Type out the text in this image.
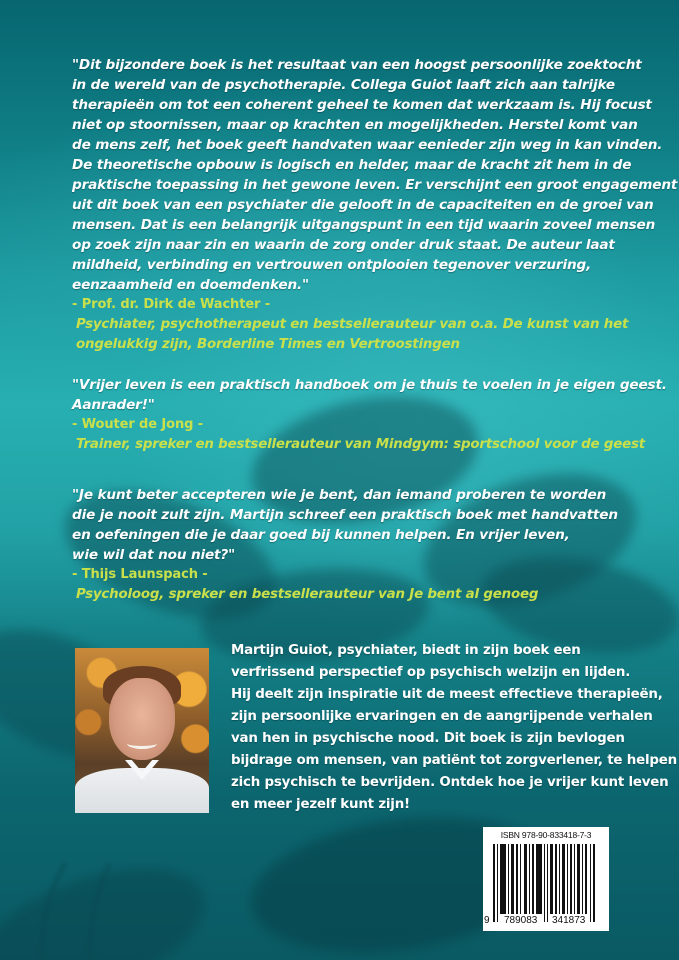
"Dit bijzondere boek is het resultaat van een hoogst persoonlijke zoektocht
in de wereld van de psychotherapie. Collega Guiot laaft zich aan talrijke
therapieën om tot een coherent geheel te komen dat werkzaam is. Hij focust
niet op stoornissen, maar op krachten en mogelijkheden. Herstel komt van
de mens zelf, het boek geeft handvaten waar eenieder zijn weg in kan vinden.
De theoretische opbouw is logisch en helder, maar de kracht zit hem in de
praktische toepassing in het gewone leven. Er verschijnt een groot engagement
uit dit boek van een psychiater die gelooft in de capaciteiten en de groei van
mensen. Dat is een belangrijk uitgangspunt in een tijd waarin zoveel mensen
op zoek zijn naar zin en waarin de zorg onder druk staat. De auteur laat
mildheid, verbinding en vertrouwen ontplooien tegenover verzuring,
eenzaamheid en doemdenken."
- Prof. dr. Dirk de Wachter -
Psychiater, psychotherapeut en bestsellerauteur van o.a. De kunst van het
ongelukkig zijn, Borderline Times en Vertroostingen
"Vrijer leven is een praktisch handboek om je thuis te voelen in je eigen geest.
Aanrader!"
- Wouter de Jong -
Trainer, spreker en bestsellerauteur van Mindgym: sportschool voor de geest
"Je kunt beter accepteren wie je bent, dan iemand proberen te worden
die je nooit zult zijn. Martijn schreef een praktisch boek met handvatten
en oefeningen die je daar goed bij kunnen helpen. En vrijer leven,
wie wil dat nou niet?"
- Thijs Launspach -
Psycholoog, spreker en bestsellerauteur van Je bent al genoeg
Martijn Guiot, psychiater, biedt in zijn boek een
verfrissend perspectief op psychisch welzijn en lijden.
Hij deelt zijn inspiratie uit de meest effectieve therapieën,
zijn persoonlijke ervaringen en de aangrijpende verhalen
van hen in psychische nood. Dit boek is zijn bevlogen
bijdrage om mensen, van patiënt tot zorgverlener, te helpen
zich psychisch te bevrijden. Ontdek hoe je vrijer kunt leven
en meer jezelf kunt zijn!
ISBN 978-90-833418-7-3
9 789083 341873
